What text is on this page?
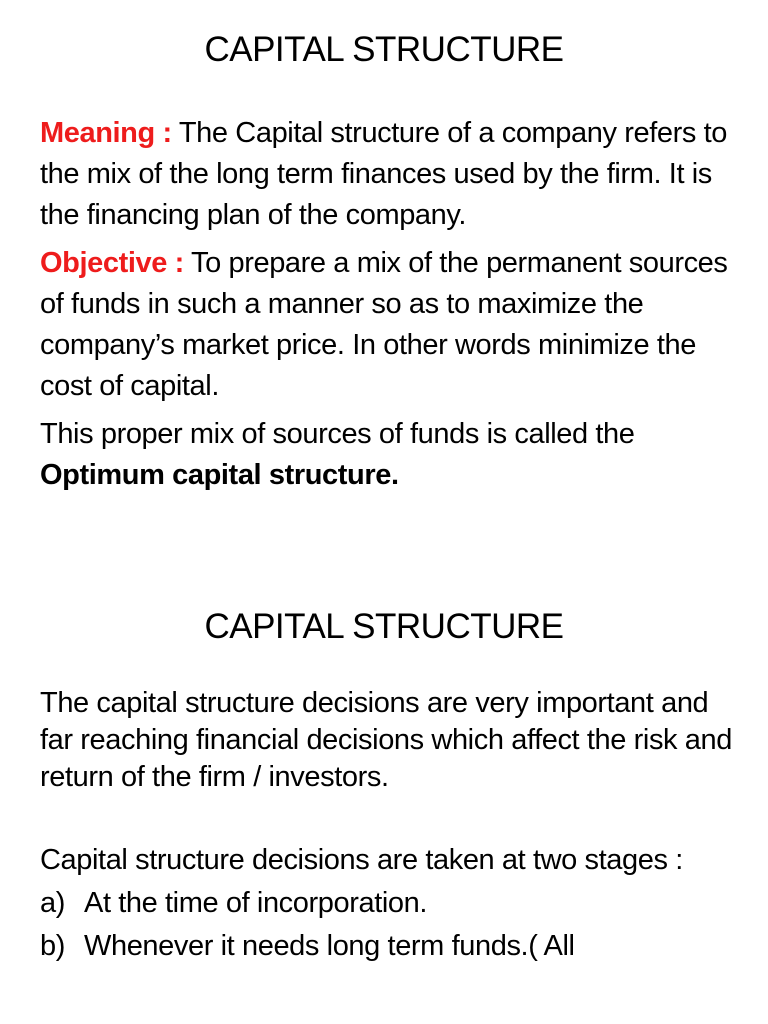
CAPITAL STRUCTURE

Meaning : The Capital structure of a company refers to the mix of the long term finances used by the firm. It is the financing plan of the company.

Objective : To prepare a mix of the permanent sources of funds in such a manner so as to maximize the company’s market price. In other words minimize the cost of capital.

This proper mix of sources of funds is called the Optimum capital structure.

CAPITAL STRUCTURE

The capital structure decisions are very important and far reaching financial decisions which affect the risk and return of the firm / investors.

Capital structure decisions are taken at two stages :

a) At the time of incorporation.
b) Whenever it needs long term funds.( All
